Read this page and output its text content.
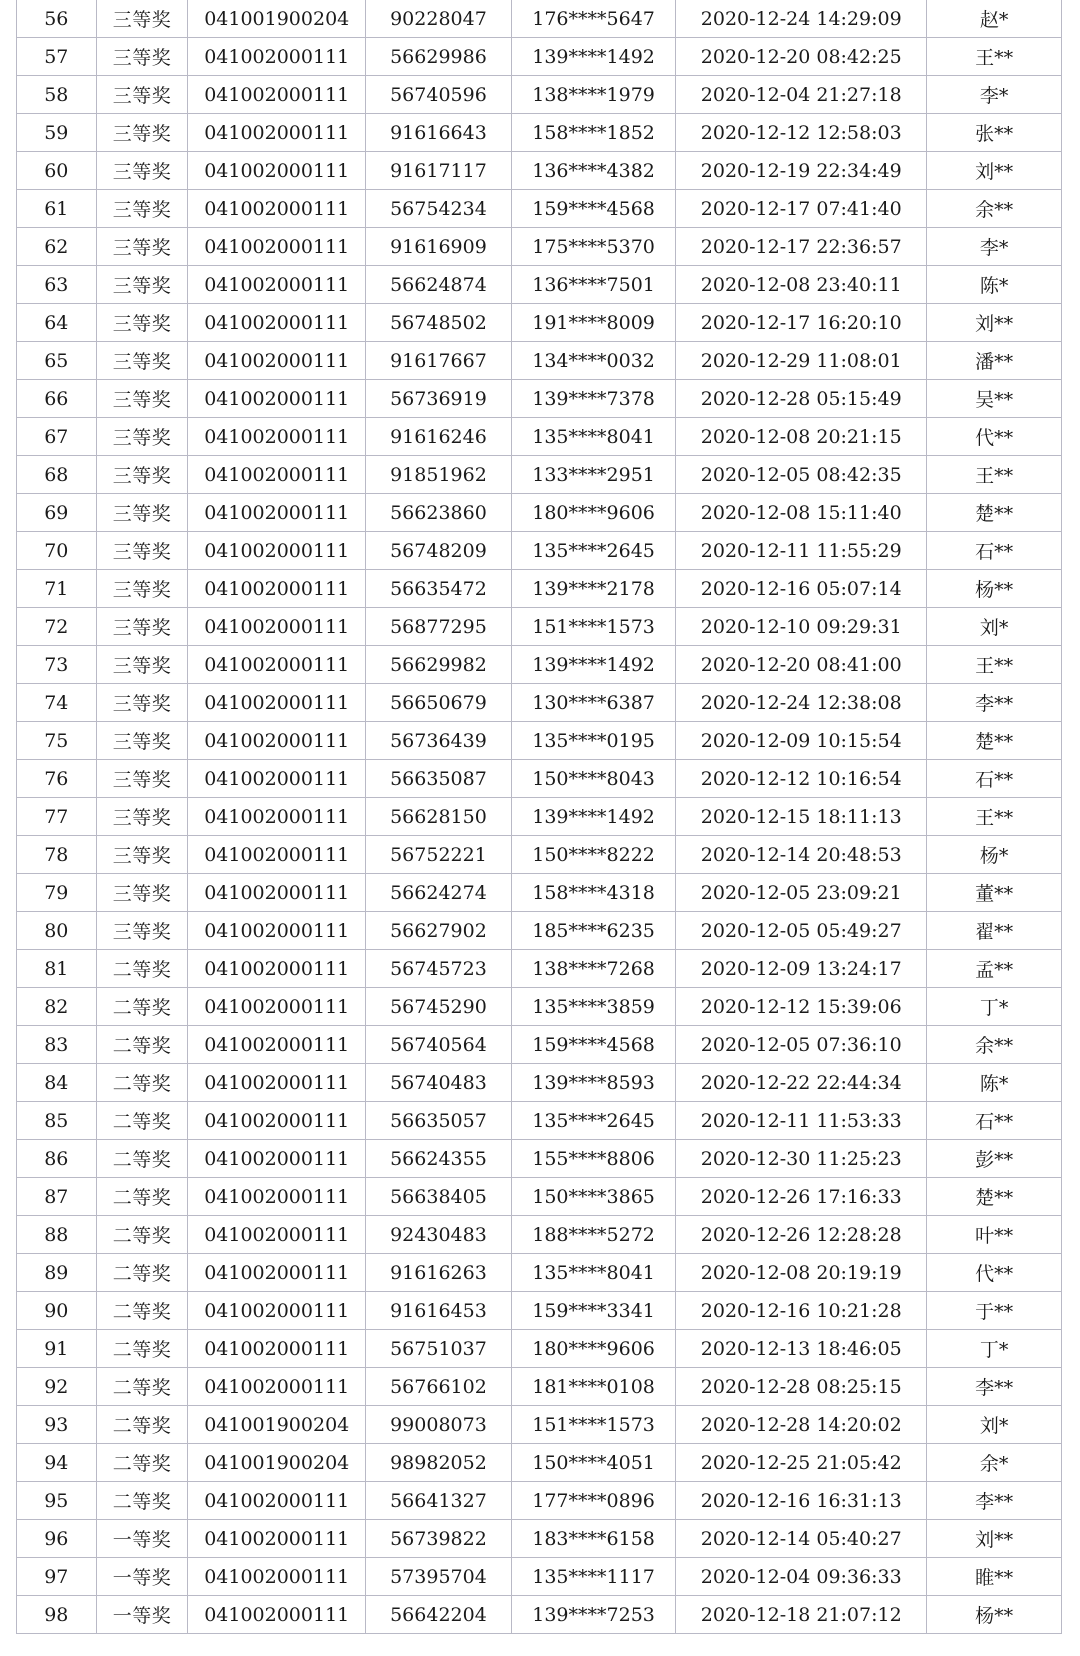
56	三等奖	041001900204	90228047	176****5647	2020-12-24 14:29:09	赵*
57	三等奖	041002000111	56629986	139****1492	2020-12-20 08:42:25	王**
58	三等奖	041002000111	56740596	138****1979	2020-12-04 21:27:18	李*
59	三等奖	041002000111	91616643	158****1852	2020-12-12 12:58:03	张**
60	三等奖	041002000111	91617117	136****4382	2020-12-19 22:34:49	刘**
61	三等奖	041002000111	56754234	159****4568	2020-12-17 07:41:40	余**
62	三等奖	041002000111	91616909	175****5370	2020-12-17 22:36:57	李*
63	三等奖	041002000111	56624874	136****7501	2020-12-08 23:40:11	陈*
64	三等奖	041002000111	56748502	191****8009	2020-12-17 16:20:10	刘**
65	三等奖	041002000111	91617667	134****0032	2020-12-29 11:08:01	潘**
66	三等奖	041002000111	56736919	139****7378	2020-12-28 05:15:49	吴**
67	三等奖	041002000111	91616246	135****8041	2020-12-08 20:21:15	代**
68	三等奖	041002000111	91851962	133****2951	2020-12-05 08:42:35	王**
69	三等奖	041002000111	56623860	180****9606	2020-12-08 15:11:40	楚**
70	三等奖	041002000111	56748209	135****2645	2020-12-11 11:55:29	石**
71	三等奖	041002000111	56635472	139****2178	2020-12-16 05:07:14	杨**
72	三等奖	041002000111	56877295	151****1573	2020-12-10 09:29:31	刘*
73	三等奖	041002000111	56629982	139****1492	2020-12-20 08:41:00	王**
74	三等奖	041002000111	56650679	130****6387	2020-12-24 12:38:08	李**
75	三等奖	041002000111	56736439	135****0195	2020-12-09 10:15:54	楚**
76	三等奖	041002000111	56635087	150****8043	2020-12-12 10:16:54	石**
77	三等奖	041002000111	56628150	139****1492	2020-12-15 18:11:13	王**
78	三等奖	041002000111	56752221	150****8222	2020-12-14 20:48:53	杨*
79	三等奖	041002000111	56624274	158****4318	2020-12-05 23:09:21	董**
80	三等奖	041002000111	56627902	185****6235	2020-12-05 05:49:27	翟**
81	二等奖	041002000111	56745723	138****7268	2020-12-09 13:24:17	孟**
82	二等奖	041002000111	56745290	135****3859	2020-12-12 15:39:06	丁*
83	二等奖	041002000111	56740564	159****4568	2020-12-05 07:36:10	余**
84	二等奖	041002000111	56740483	139****8593	2020-12-22 22:44:34	陈*
85	二等奖	041002000111	56635057	135****2645	2020-12-11 11:53:33	石**
86	二等奖	041002000111	56624355	155****8806	2020-12-30 11:25:23	彭**
87	二等奖	041002000111	56638405	150****3865	2020-12-26 17:16:33	楚**
88	二等奖	041002000111	92430483	188****5272	2020-12-26 12:28:28	叶**
89	二等奖	041002000111	91616263	135****8041	2020-12-08 20:19:19	代**
90	二等奖	041002000111	91616453	159****3341	2020-12-16 10:21:28	于**
91	二等奖	041002000111	56751037	180****9606	2020-12-13 18:46:05	丁*
92	二等奖	041002000111	56766102	181****0108	2020-12-28 08:25:15	李**
93	二等奖	041001900204	99008073	151****1573	2020-12-28 14:20:02	刘*
94	二等奖	041001900204	98982052	150****4051	2020-12-25 21:05:42	余*
95	二等奖	041002000111	56641327	177****0896	2020-12-16 16:31:13	李**
96	一等奖	041002000111	56739822	183****6158	2020-12-14 05:40:27	刘**
97	一等奖	041002000111	57395704	135****1117	2020-12-04 09:36:33	睢**
98	一等奖	041002000111	56642204	139****7253	2020-12-18 21:07:12	杨**
